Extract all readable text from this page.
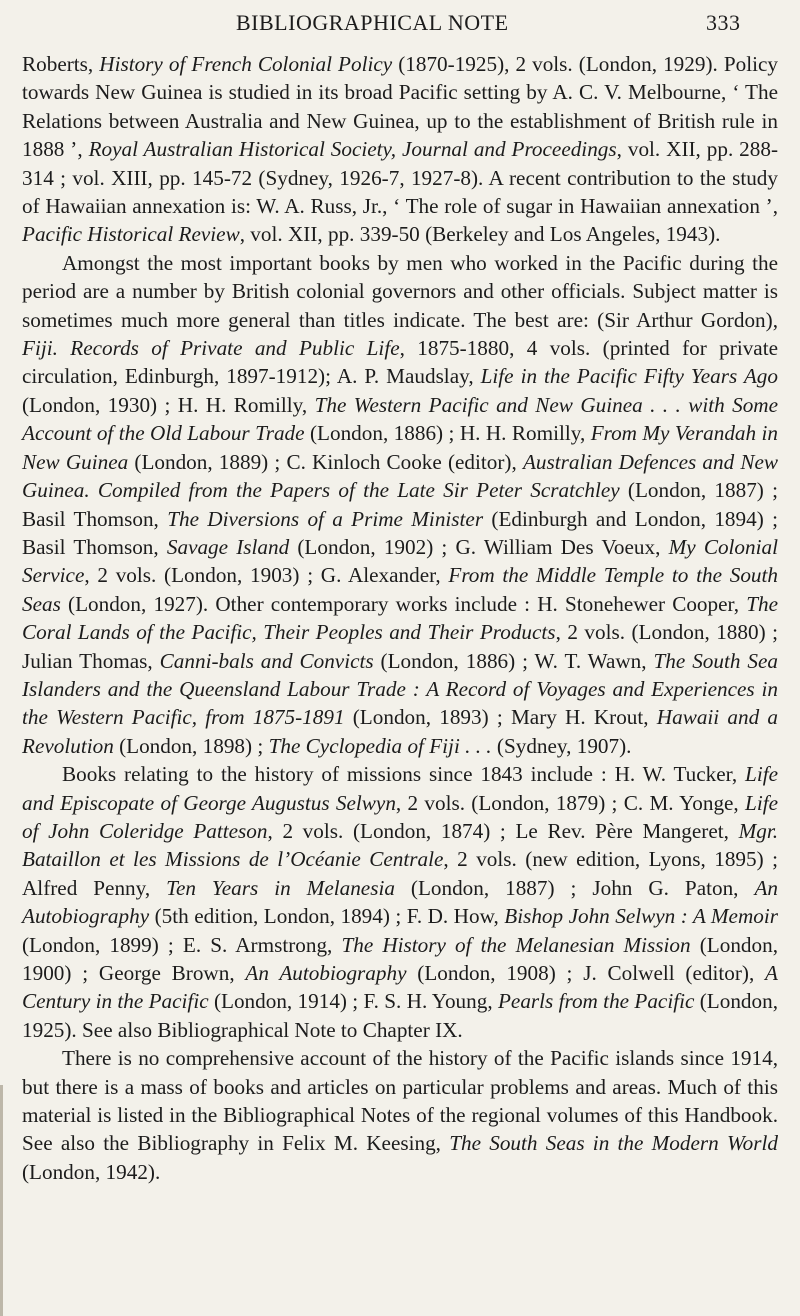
BIBLIOGRAPHICAL NOTE	333

Roberts, History of French Colonial Policy (1870-1925), 2 vols. (London, 1929). Policy towards New Guinea is studied in its broad Pacific setting by A. C. V. Melbourne, ‘ The Relations between Australia and New Guinea, up to the establishment of British rule in 1888 ’, Royal Australian Historical Society, Journal and Proceedings, vol. XII, pp. 288-314 ; vol. XIII, pp. 145-72 (Sydney, 1926-7, 1927-8). A recent contribution to the study of Hawaiian annexation is: W. A. Russ, Jr., ‘ The role of sugar in Hawaiian annexation ’, Pacific Historical Review, vol. XII, pp. 339-50 (Berkeley and Los Angeles, 1943).

Amongst the most important books by men who worked in the Pacific during the period are a number by British colonial governors and other officials. Subject matter is sometimes much more general than titles indicate. The best are: (Sir Arthur Gordon), Fiji. Records of Private and Public Life, 1875-1880, 4 vols. (printed for private circulation, Edinburgh, 1897-1912); A. P. Maudslay, Life in the Pacific Fifty Years Ago (London, 1930) ; H. H. Romilly, The Western Pacific and New Guinea . . . with Some Account of the Old Labour Trade (London, 1886) ; H. H. Romilly, From My Verandah in New Guinea (London, 1889) ; C. Kinloch Cooke (editor), Australian Defences and New Guinea. Compiled from the Papers of the Late Sir Peter Scratchley (London, 1887) ; Basil Thomson, The Diversions of a Prime Minister (Edinburgh and London, 1894) ; Basil Thomson, Savage Island (London, 1902) ; G. William Des Voeux, My Colonial Service, 2 vols. (London, 1903) ; G. Alexander, From the Middle Temple to the South Seas (London, 1927). Other contemporary works include : H. Stonehewer Cooper, The Coral Lands of the Pacific, Their Peoples and Their Products, 2 vols. (London, 1880) ; Julian Thomas, Canni-bals and Convicts (London, 1886) ; W. T. Wawn, The South Sea Islanders and the Queensland Labour Trade : A Record of Voyages and Experiences in the Western Pacific, from 1875-1891 (London, 1893) ; Mary H. Krout, Hawaii and a Revolution (London, 1898) ; The Cyclopedia of Fiji . . . (Sydney, 1907).

Books relating to the history of missions since 1843 include : H. W. Tucker, Life and Episcopate of George Augustus Selwyn, 2 vols. (London, 1879) ; C. M. Yonge, Life of John Coleridge Patteson, 2 vols. (London, 1874) ; Le Rev. Père Mangeret, Mgr. Bataillon et les Missions de l’Océanie Centrale, 2 vols. (new edition, Lyons, 1895) ; Alfred Penny, Ten Years in Melanesia (London, 1887) ; John G. Paton, An Autobiography (5th edition, London, 1894) ; F. D. How, Bishop John Selwyn : A Memoir (London, 1899) ; E. S. Armstrong, The History of the Melanesian Mission (London, 1900) ; George Brown, An Autobiography (London, 1908) ; J. Colwell (editor), A Century in the Pacific (London, 1914) ; F. S. H. Young, Pearls from the Pacific (London, 1925). See also Bibliographical Note to Chapter IX.

There is no comprehensive account of the history of the Pacific islands since 1914, but there is a mass of books and articles on particular problems and areas. Much of this material is listed in the Bibliographical Notes of the regional volumes of this Handbook. See also the Bibliography in Felix M. Keesing, The South Seas in the Modern World (London, 1942).
